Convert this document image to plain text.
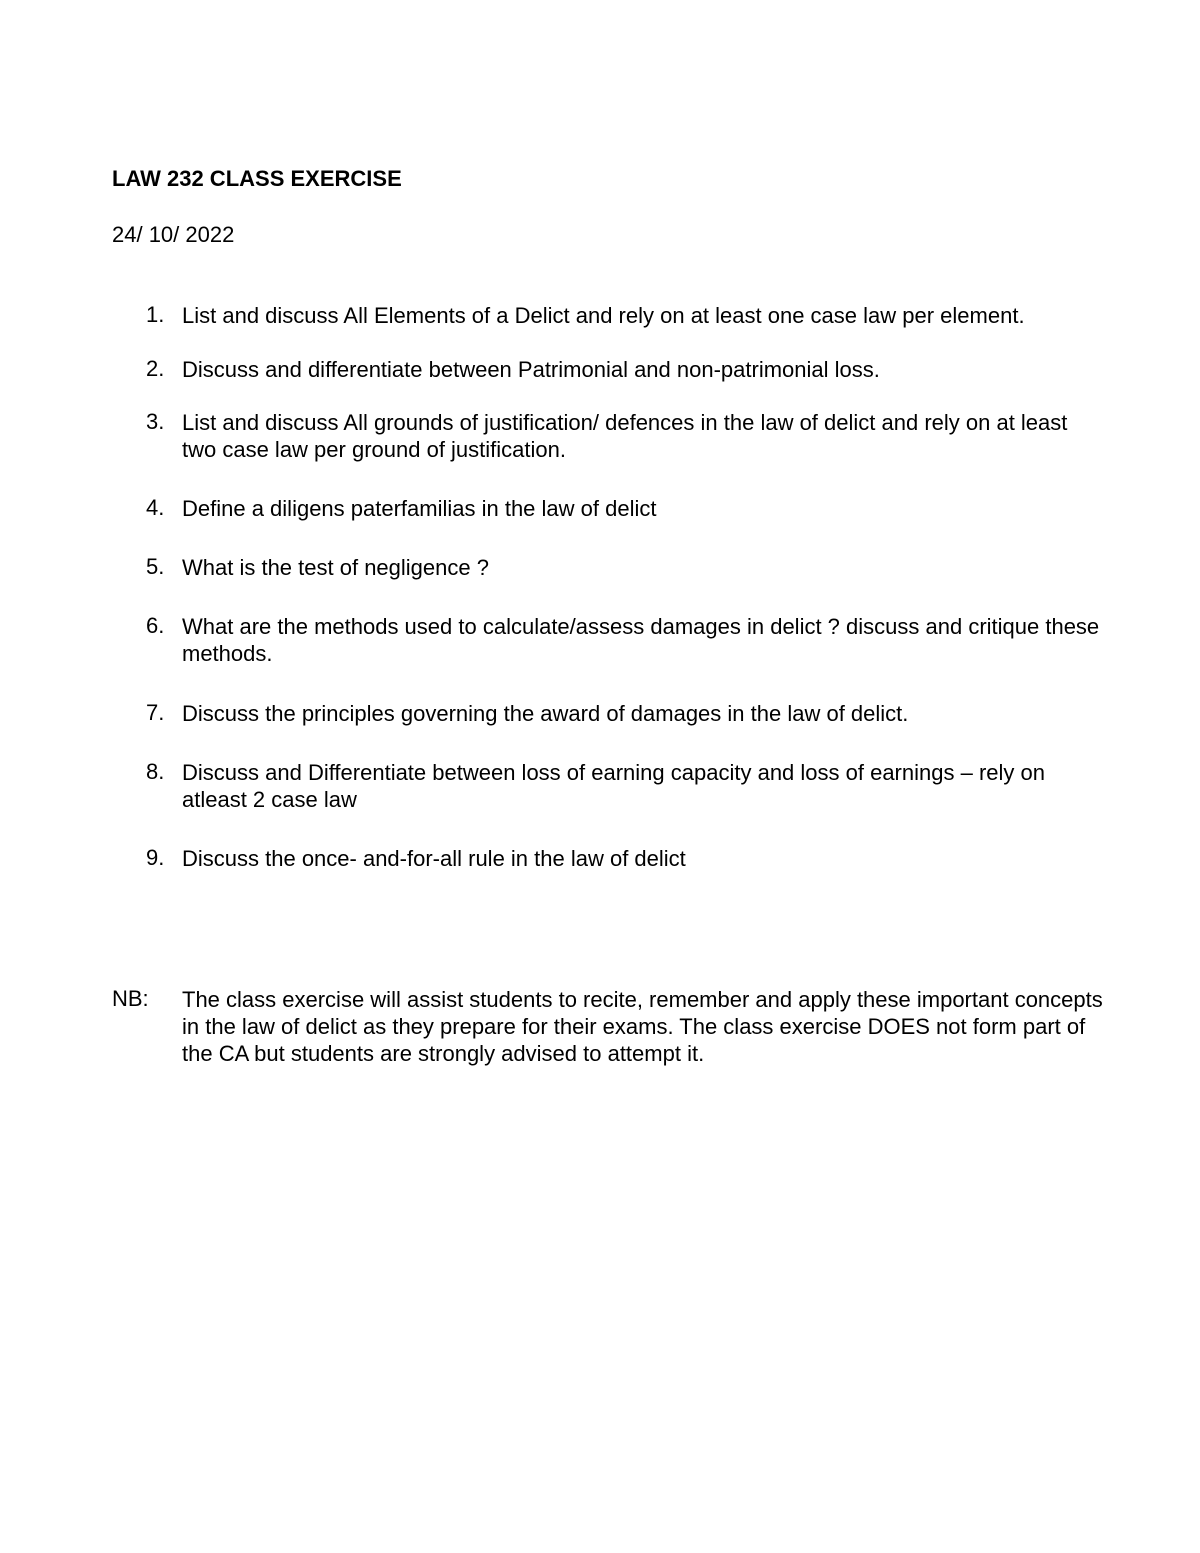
LAW 232 CLASS EXERCISE
24/ 10/ 2022
1. List and discuss All Elements of a Delict and rely on at least one case law per element.
2. Discuss and differentiate between Patrimonial and non-patrimonial loss.
3. List and discuss All grounds of justification/ defences in the law of delict and rely on at least two case law per ground of justification.
4. Define a diligens paterfamilias in the law of delict
5. What is the test of negligence ?
6. What are the methods used to calculate/assess damages in delict ? discuss and critique these methods.
7. Discuss the principles governing the award of damages in the law of delict.
8. Discuss and Differentiate between loss of earning capacity and loss of earnings – rely on atleast 2 case law
9. Discuss the once- and-for-all rule in the law of delict
NB: The class exercise will assist students to recite, remember and apply these important concepts in the law of delict as they prepare for their exams. The class exercise DOES not form part of the CA but students are strongly advised to attempt it.
